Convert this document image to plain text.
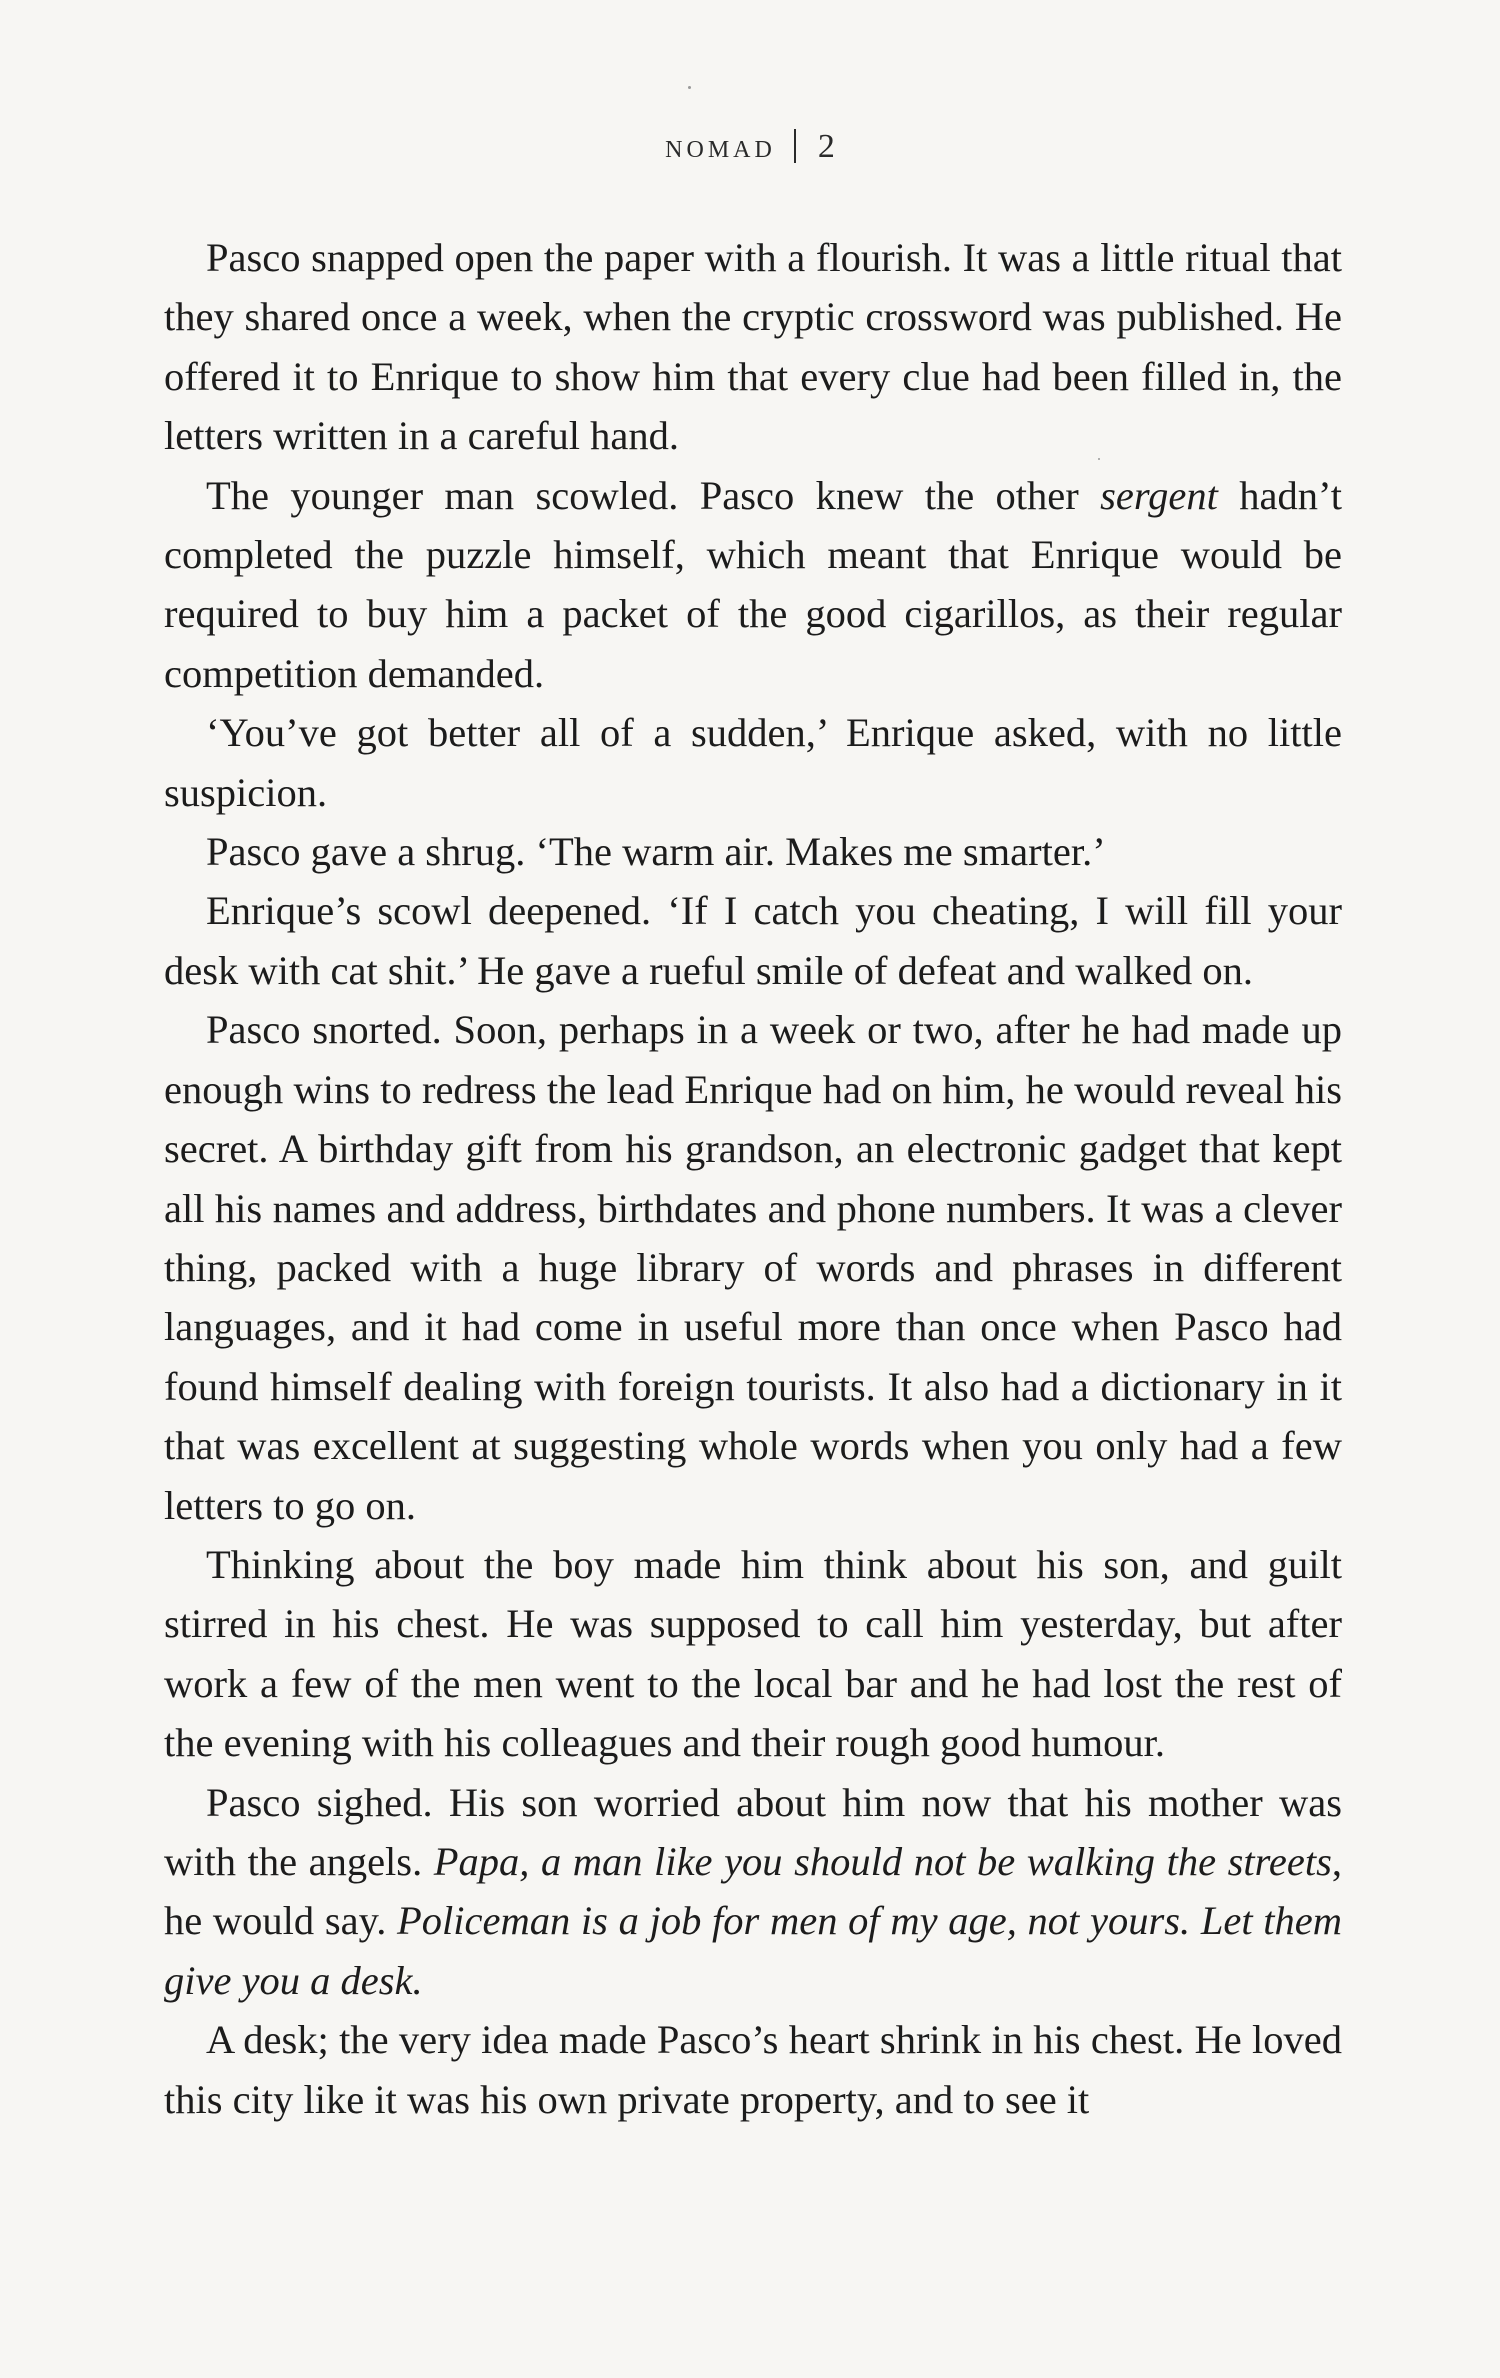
nomad 2

Pasco snapped open the paper with a flourish. It was a little ritual that they shared once a week, when the cryptic crossword was published. He offered it to Enrique to show him that every clue had been filled in, the letters written in a careful hand.

The younger man scowled. Pasco knew the other sergent hadn’t completed the puzzle himself, which meant that Enrique would be required to buy him a packet of the good cigarillos, as their regular competition demanded.

‘You’ve got better all of a sudden,’ Enrique asked, with no little suspicion.

Pasco gave a shrug. ‘The warm air. Makes me smarter.’

Enrique’s scowl deepened. ‘If I catch you cheating, I will fill your desk with cat shit.’ He gave a rueful smile of defeat and walked on.

Pasco snorted. Soon, perhaps in a week or two, after he had made up enough wins to redress the lead Enrique had on him, he would reveal his secret. A birthday gift from his grandson, an electronic gadget that kept all his names and address, birthdates and phone numbers. It was a clever thing, packed with a huge library of words and phrases in different languages, and it had come in useful more than once when Pasco had found himself dealing with foreign tourists. It also had a dictionary in it that was excellent at suggesting whole words when you only had a few letters to go on.

Thinking about the boy made him think about his son, and guilt stirred in his chest. He was supposed to call him yesterday, but after work a few of the men went to the local bar and he had lost the rest of the evening with his colleagues and their rough good humour.

Pasco sighed. His son worried about him now that his mother was with the angels. Papa, a man like you should not be walking the streets, he would say. Policeman is a job for men of my age, not yours. Let them give you a desk.

A desk; the very idea made Pasco’s heart shrink in his chest. He loved this city like it was his own private property, and to see it
